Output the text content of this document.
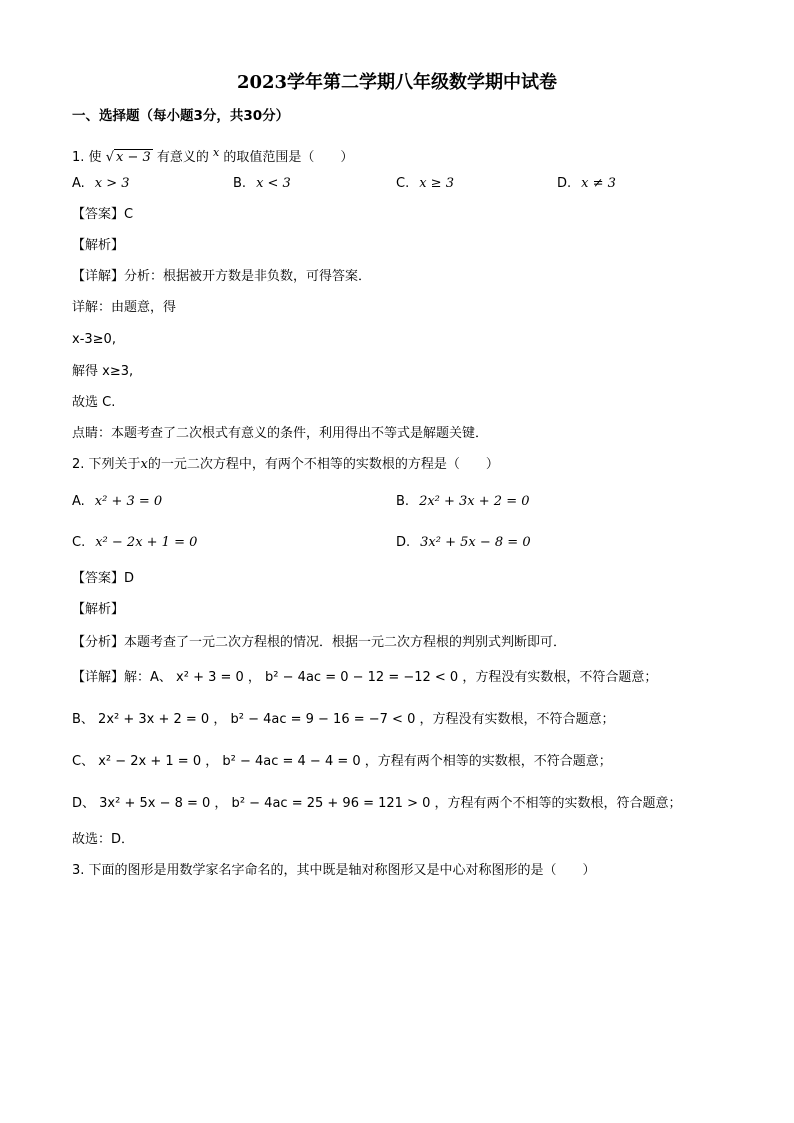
2023学年第二学期八年级数学期中试卷
一、选择题（每小题3分，共30分）
1. 使 √ x − 3 有意义的 $^x$ 的取值范围是（　　）
A. x > 3	B. x < 3	C. x ≥ 3	D. x ≠ 3
【答案】C
【解析】
【详解】分析：根据被开方数是非负数，可得答案．
详解：由题意，得
x-3≥0,
解得 x≥3,
故选 C.
点睛：本题考查了二次根式有意义的条件，利用得出不等式是解题关键．
2. 下列关于x的一元二次方程中，有两个不相等的实数根的方程是（　　）
A. x² + 3 = 0	B. 2x² + 3x + 2 = 0
C. x² − 2x + 1 = 0	D. 3x² + 5x − 8 = 0
【答案】D
【解析】
【分析】本题考查了一元二次方程根的情况．根据一元二次方程根的判别式判断即可．
【详解】解：A、 x² + 3 = 0 ， b² − 4ac = 0 − 12 = −12 < 0 ，方程没有实数根，不符合题意；
B、 2x² + 3x + 2 = 0 ， b² − 4ac = 9 − 16 = −7 < 0 ，方程没有实数根，不符合题意；
C、 x² − 2x + 1 = 0 ， b² − 4ac = 4 − 4 = 0 ，方程有两个相等的实数根，不符合题意；
D、 3x² + 5x − 8 = 0 ， b² − 4ac = 25 + 96 = 121 > 0 ，方程有两个不相等的实数根，符合题意；
故选：D．
3. 下面的图形是用数学家名字命名的，其中既是轴对称图形又是中心对称图形的是（　　）
